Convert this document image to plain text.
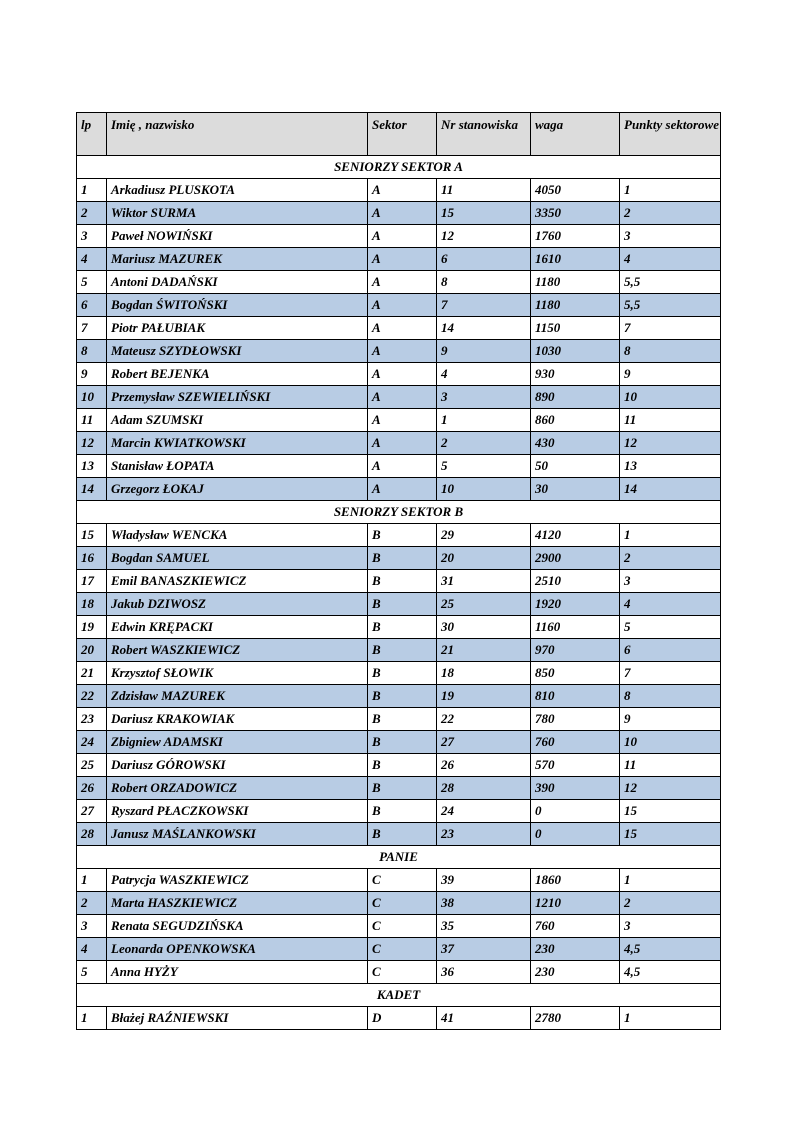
lp	Imię , nazwisko	Sektor	Nr stanowiska	waga	Punkty sektorowe
SENIORZY SEKTOR A					
1	Arkadiusz PLUSKOTA	A	11	4050	1
2	Wiktor SURMA	A	15	3350	2
3	Paweł NOWIŃSKI	A	12	1760	3
4	Mariusz MAZUREK	A	6	1610	4
5	Antoni DADAŃSKI	A	8	1180	5,5
6	Bogdan ŚWITOŃSKI	A	7	1180	5,5
7	Piotr PAŁUBIAK	A	14	1150	7
8	Mateusz SZYDŁOWSKI	A	9	1030	8
9	Robert BEJENKA	A	4	930	9
10	Przemysław SZEWIELIŃSKI	A	3	890	10
11	Adam SZUMSKI	A	1	860	11
12	Marcin KWIATKOWSKI	A	2	430	12
13	Stanisław ŁOPATA	A	5	50	13
14	Grzegorz ŁOKAJ	A	10	30	14
SENIORZY SEKTOR B					
15	Władysław WENCKA	B	29	4120	1
16	Bogdan SAMUEL	B	20	2900	2
17	Emil BANASZKIEWICZ	B	31	2510	3
18	Jakub DZIWOSZ	B	25	1920	4
19	Edwin KRĘPACKI	B	30	1160	5
20	Robert WASZKIEWICZ	B	21	970	6
21	Krzysztof SŁOWIK	B	18	850	7
22	Zdzisław MAZUREK	B	19	810	8
23	Dariusz KRAKOWIAK	B	22	780	9
24	Zbigniew ADAMSKI	B	27	760	10
25	Dariusz GÓROWSKI	B	26	570	11
26	Robert ORZADOWICZ	B	28	390	12
27	Ryszard PŁACZKOWSKI	B	24	0	15
28	Janusz MAŚLANKOWSKI	B	23	0	15
PANIE					
1	Patrycja WASZKIEWICZ	C	39	1860	1
2	Marta HASZKIEWICZ	C	38	1210	2
3	Renata SEGUDZIŃSKA	C	35	760	3
4	Leonarda OPENKOWSKA	C	37	230	4,5
5	Anna HYŻY	C	36	230	4,5
KADET					
1	Błażej RAŹNIEWSKI	D	41	2780	1
